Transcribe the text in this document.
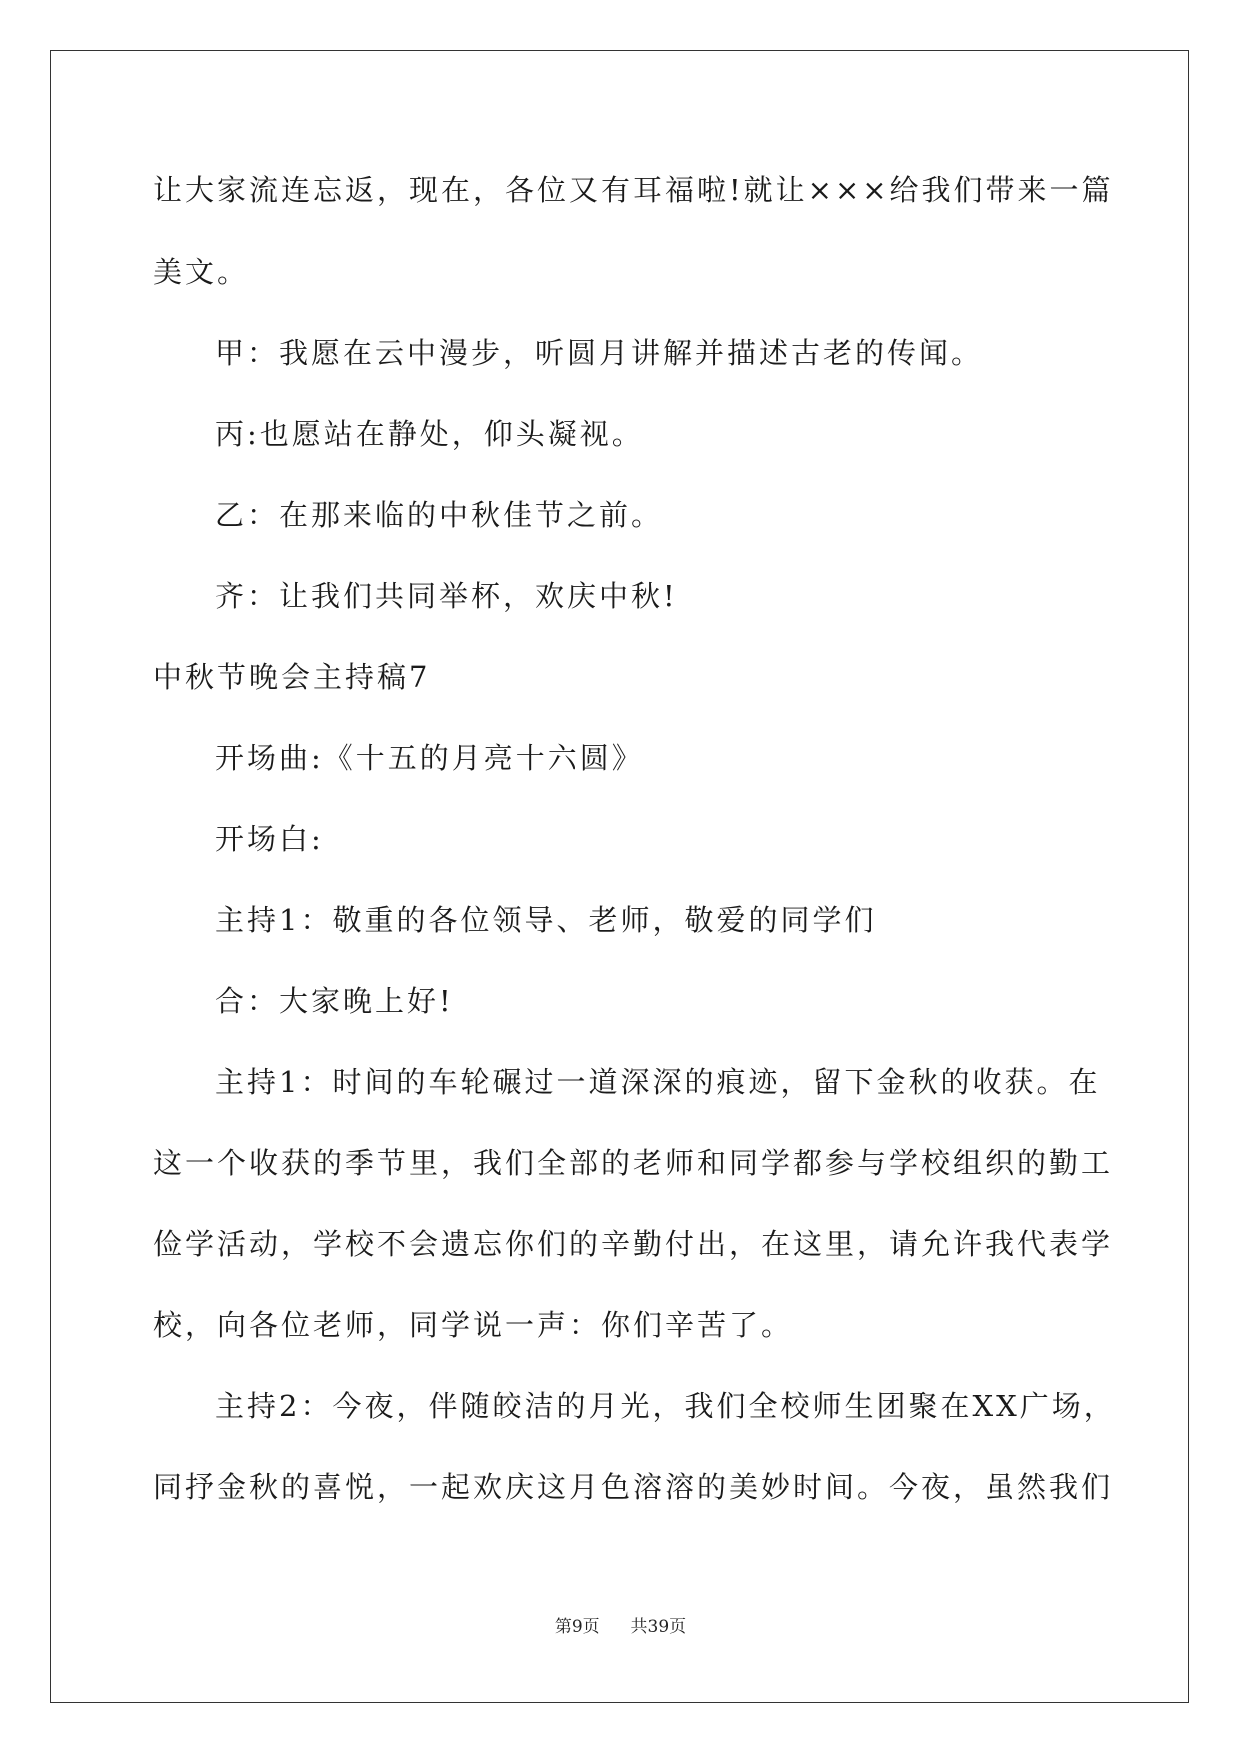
让大家流连忘返，现在，各位又有耳福啦!就让×××给我们带来一篇
美文。
甲：我愿在云中漫步，听圆月讲解并描述古老的传闻。
丙:也愿站在静处，仰头凝视。
乙：在那来临的中秋佳节之前。
齐：让我们共同举杯，欢庆中秋!
中秋节晚会主持稿7
开场曲:《十五的月亮十六圆》
开场白:
主持1：敬重的各位领导、老师，敬爱的同学们
合：大家晚上好!
主持1：时间的车轮碾过一道深深的痕迹，留下金秋的收获。在
这一个收获的季节里，我们全部的老师和同学都参与学校组织的勤工
俭学活动，学校不会遗忘你们的辛勤付出，在这里，请允许我代表学
校，向各位老师，同学说一声：你们辛苦了。
主持2：今夜，伴随皎洁的月光，我们全校师生团聚在XX广场，
同抒金秋的喜悦，一起欢庆这月色溶溶的美妙时间。今夜，虽然我们
第9页 共39页
